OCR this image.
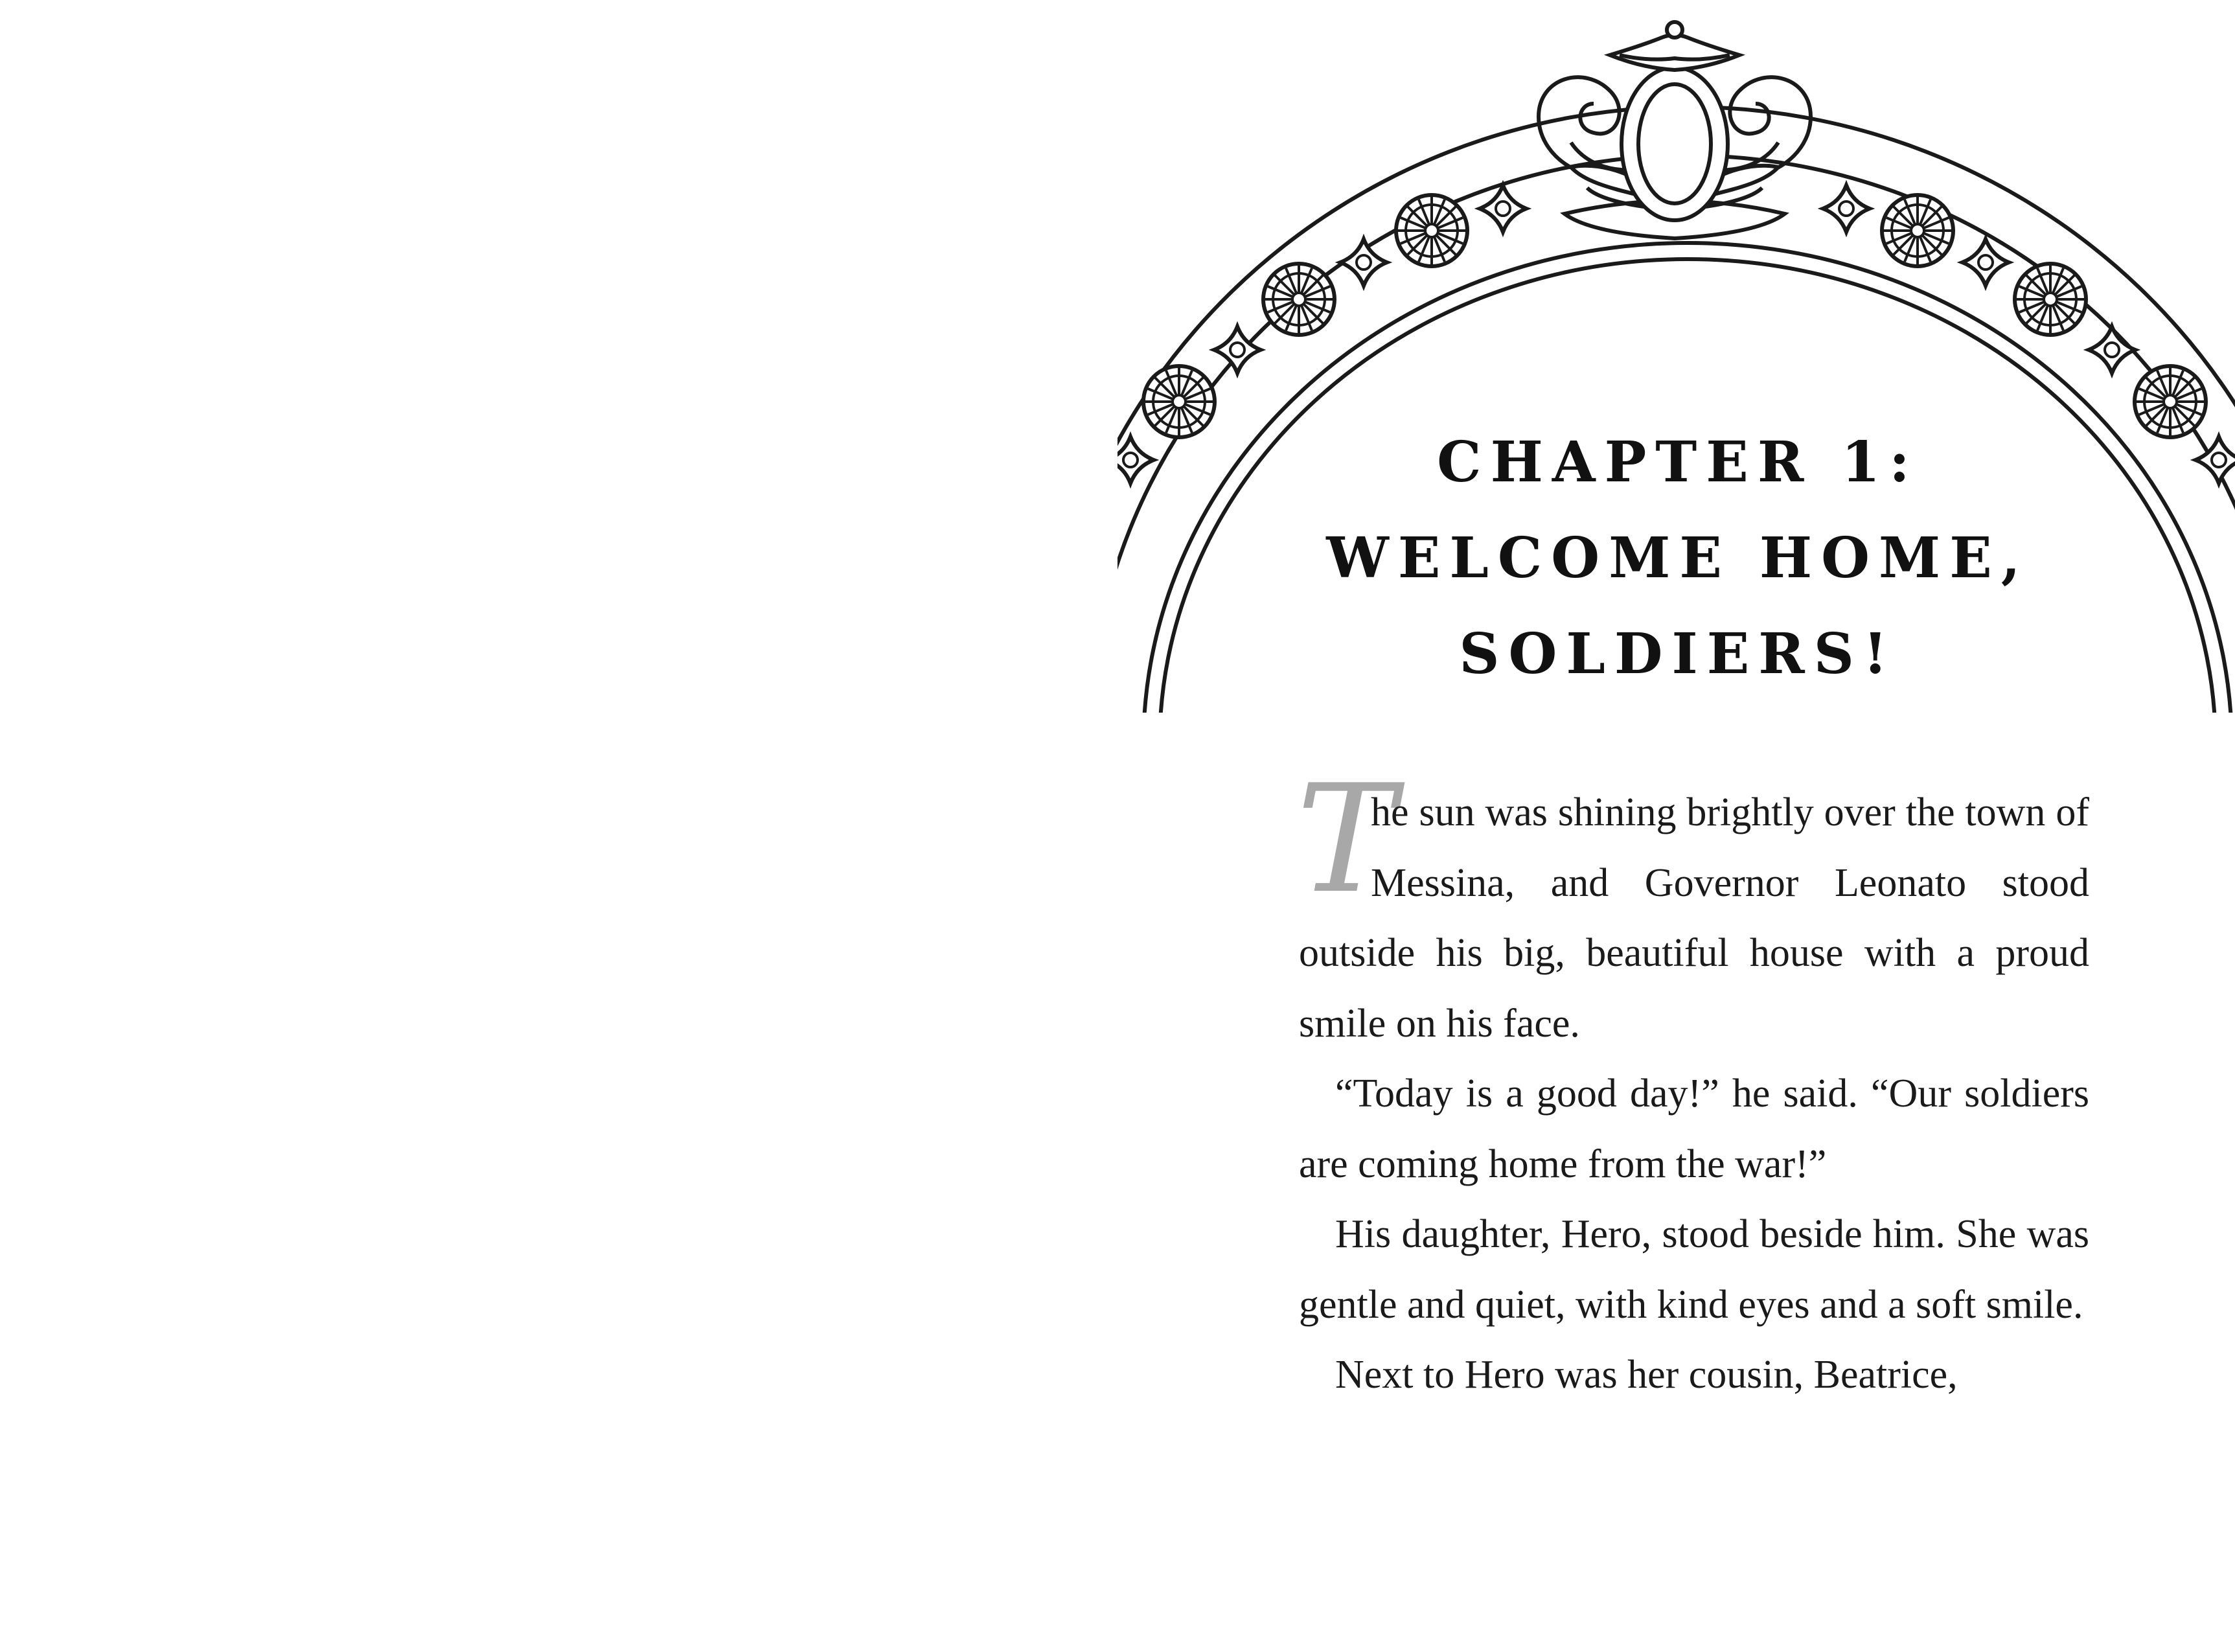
CHAPTER 1:
WELCOME HOME,
SOLDIERS!

T
he sun was shining brightly over the town of Messina, and Governor Leonato stood outside his big, beautiful house with a proud smile on his face.

“Today is a good day!” he said. “Our soldiers are coming home from the war!”

His daughter, Hero, stood beside him. She was gentle and quiet, with kind eyes and a soft smile.

Next to Hero was her cousin, Beatrice,
